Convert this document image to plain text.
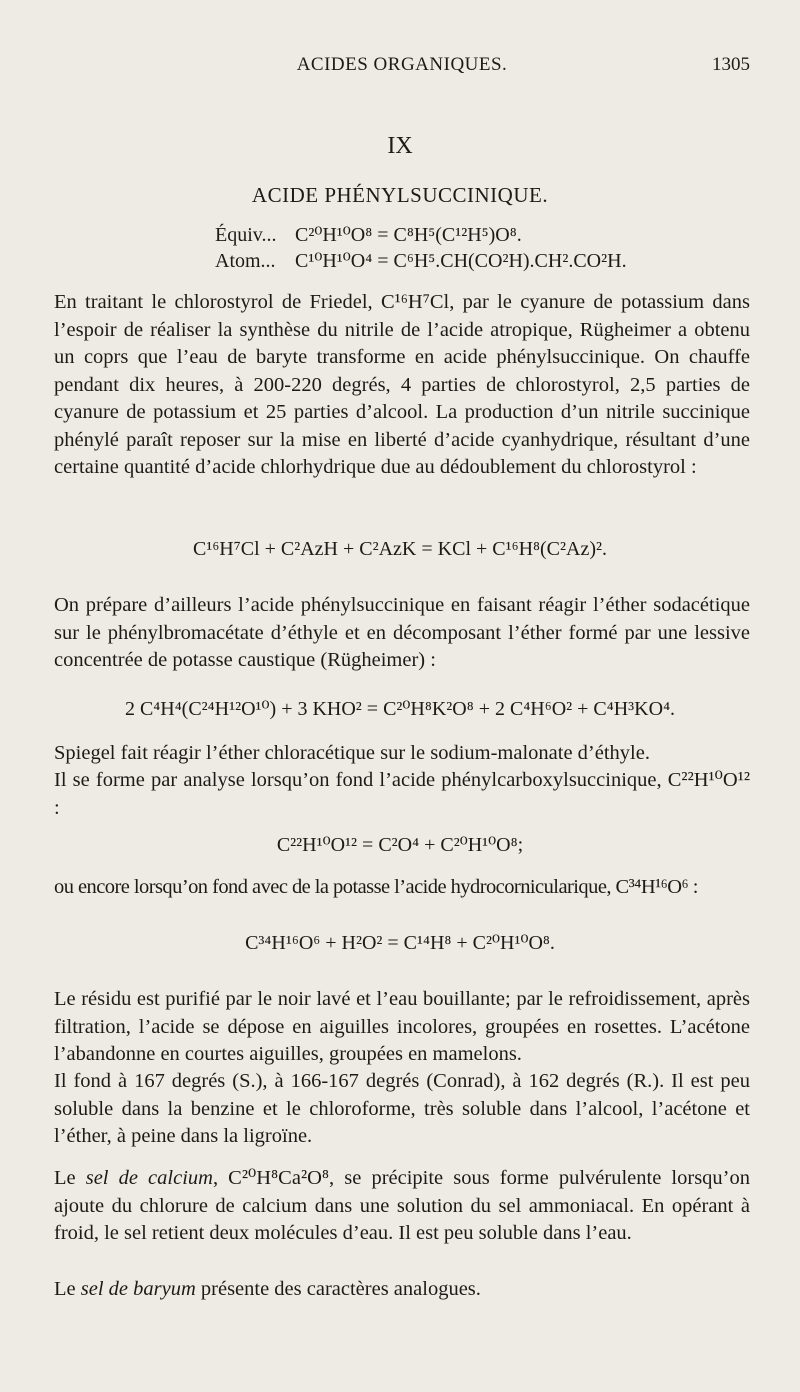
ACIDES ORGANIQUES.	1305
IX
ACIDE PHÉNYLSUCCINIQUE.
Équiv... C²⁰H¹⁰O⁸ = C⁸H⁵(C¹²H⁵)O⁸.
Atom... C¹⁰H¹⁰O⁴ = C⁶H⁵.CH(CO²H).CH².CO²H.

En traitant le chlorostyrol de Friedel, C¹⁶H⁷Cl, par le cyanure de potassium dans l’espoir de réaliser la synthèse du nitrile de l’acide atropique, Rügheimer a obtenu un coprs que l’eau de baryte transforme en acide phénylsuccinique. On chauffe pendant dix heures, à 200-220 degrés, 4 parties de chlorostyrol, 2,5 parties de cyanure de potassium et 25 parties d’alcool. La production d’un nitrile succinique phénylé paraît reposer sur la mise en liberté d’acide cyanhydrique, résultant d’une certaine quantité d’acide chlorhydrique due au dédoublement du chlorostyrol :

C¹⁶H⁷Cl + C²AzH + C²AzK = KCl + C¹⁶H⁸(C²Az)².

On prépare d’ailleurs l’acide phénylsuccinique en faisant réagir l’éther sodacétique sur le phénylbromacétate d’éthyle et en décomposant l’éther formé par une lessive concentrée de potasse caustique (Rügheimer) :

2 C⁴H⁴(C²⁴H¹²O¹⁰) + 3 KHO² = C²⁰H⁸K²O⁸ + 2 C⁴H⁶O² + C⁴H³KO⁴.

Spiegel fait réagir l’éther chloracétique sur le sodium-malonate d’éthyle.

Il se forme par analyse lorsqu’on fond l’acide phénylcarboxylsuccinique, C²²H¹⁰O¹² :

C²²H¹⁰O¹² = C²O⁴ + C²⁰H¹⁰O⁸;

ou encore lorsqu’on fond avec de la potasse l’acide hydrocornicularique, C³⁴H¹⁶O⁶ :

C³⁴H¹⁶O⁶ + H²O² = C¹⁴H⁸ + C²⁰H¹⁰O⁸.

Le résidu est purifié par le noir lavé et l’eau bouillante; par le refroidissement, après filtration, l’acide se dépose en aiguilles incolores, groupées en rosettes. L’acétone l’abandonne en courtes aiguilles, groupées en mamelons.

Il fond à 167 degrés (S.), à 166-167 degrés (Conrad), à 162 degrés (R.). Il est peu soluble dans la benzine et le chloroforme, très soluble dans l’alcool, l’acétone et l’éther, à peine dans la ligroïne.

Le sel de calcium, C²⁰H⁸Ca²O⁸, se précipite sous forme pulvérulente lorsqu’on ajoute du chlorure de calcium dans une solution du sel ammoniacal. En opérant à froid, le sel retient deux molécules d’eau. Il est peu soluble dans l’eau.

Le sel de baryum présente des caractères analogues.
